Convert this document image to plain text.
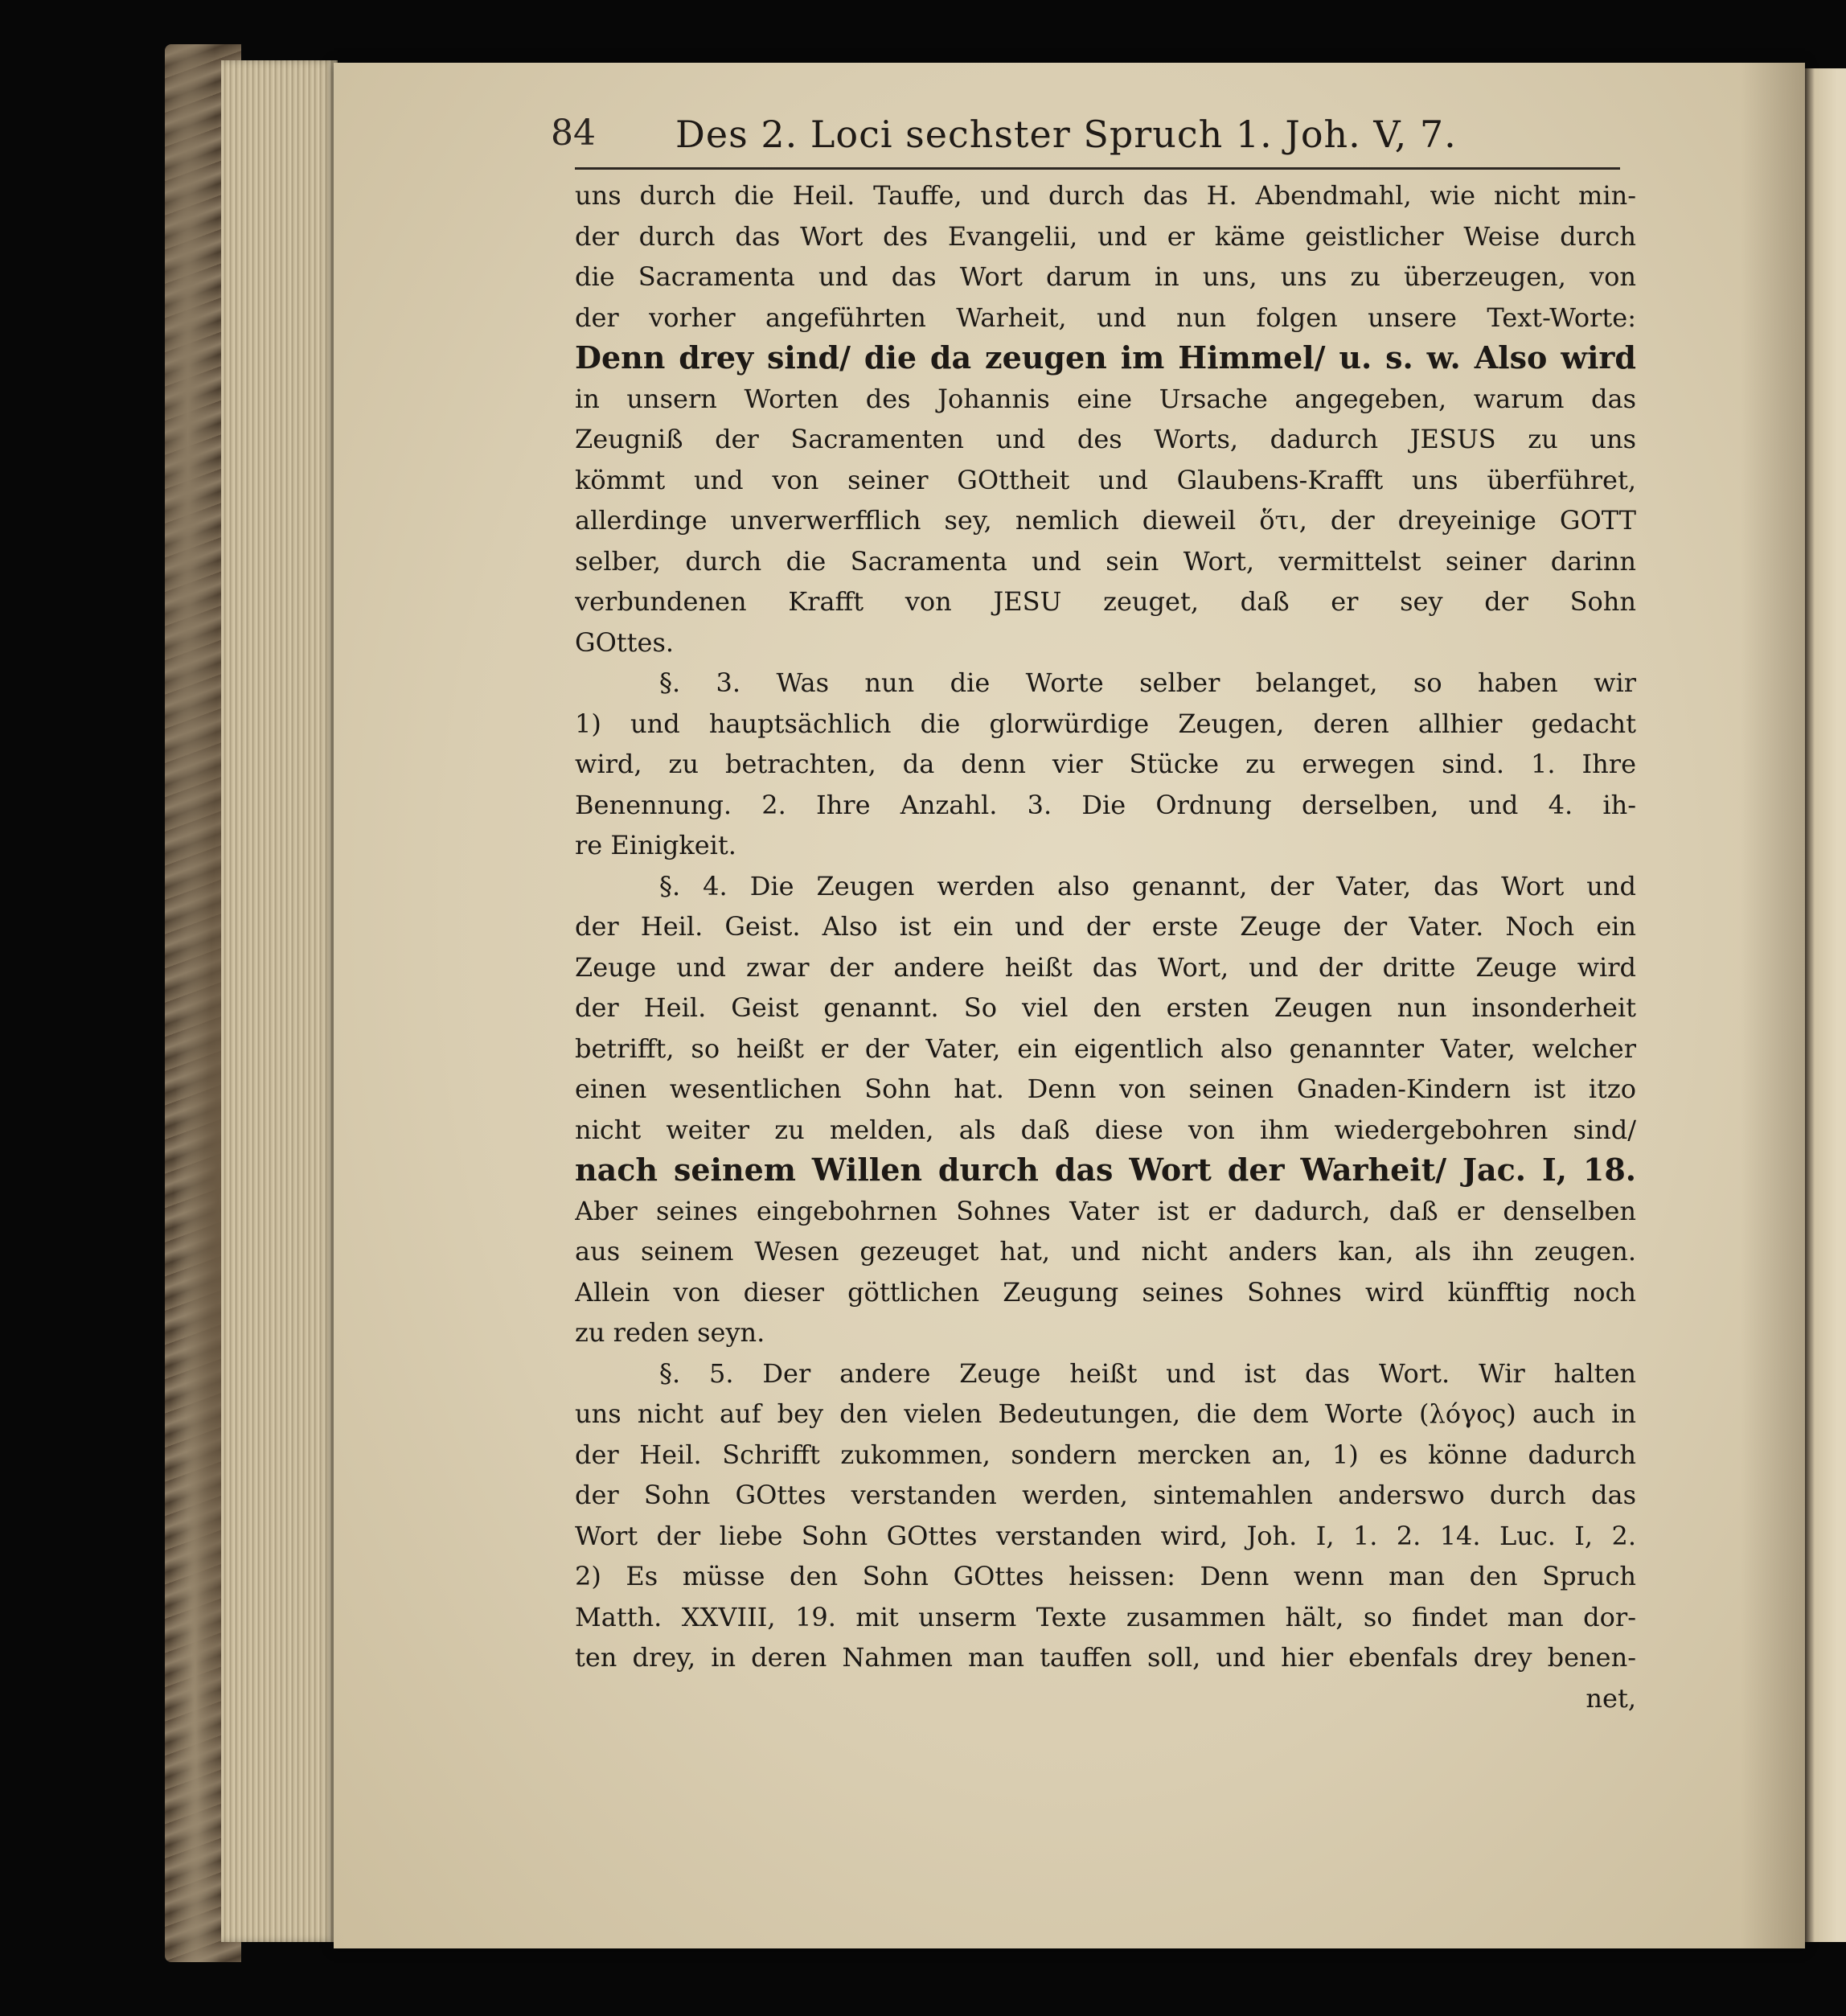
84 Des 2. Loci sechster Spruch 1. Joh. V, 7.
uns durch die Heil. Tauffe, und durch das H. Abendmahl, wie nicht min-
der durch das Wort des Evangelii, und er käme geistlicher Weise durch
die Sacramenta und das Wort darum in uns, uns zu überzeugen, von
der vorher angeführten Warheit, und nun folgen unsere Text-Worte:
Denn drey sind/ die da zeugen im Himmel/ u. s. w. Also wird
in unsern Worten des Johannis eine Ursache angegeben, warum das
Zeugniß der Sacramenten und des Worts, dadurch JESUS zu uns
kömmt und von seiner GOttheit und Glaubens-Krafft uns überführet,
allerdinge unverwerfflich sey, nemlich dieweil ὅτι, der dreyeinige GOTT
selber, durch die Sacramenta und sein Wort, vermittelst seiner darinn
verbundenen Krafft von JESU zeuget, daß er sey der Sohn
GOttes.
§. 3. Was nun die Worte selber belanget, so haben wir
1) und hauptsächlich die glorwürdige Zeugen, deren allhier gedacht
wird, zu betrachten, da denn vier Stücke zu erwegen sind. 1. Ihre
Benennung. 2. Ihre Anzahl. 3. Die Ordnung derselben, und 4. ih-
re Einigkeit.
§. 4. Die Zeugen werden also genannt, der Vater, das Wort und
der Heil. Geist. Also ist ein und der erste Zeuge der Vater. Noch ein
Zeuge und zwar der andere heißt das Wort, und der dritte Zeuge wird
der Heil. Geist genannt. So viel den ersten Zeugen nun insonderheit
betrifft, so heißt er der Vater, ein eigentlich also genannter Vater, welcher
einen wesentlichen Sohn hat. Denn von seinen Gnaden-Kindern ist itzo
nicht weiter zu melden, als daß diese von ihm wiedergebohren sind/
nach seinem Willen durch das Wort der Warheit/ Jac. I, 18.
Aber seines eingebohrnen Sohnes Vater ist er dadurch, daß er denselben
aus seinem Wesen gezeuget hat, und nicht anders kan, als ihn zeugen.
Allein von dieser göttlichen Zeugung seines Sohnes wird künfftig noch
zu reden seyn.
§. 5. Der andere Zeuge heißt und ist das Wort. Wir halten
uns nicht auf bey den vielen Bedeutungen, die dem Worte (λόγος) auch in
der Heil. Schrifft zukommen, sondern mercken an, 1) es könne dadurch
der Sohn GOttes verstanden werden, sintemahlen anderswo durch das
Wort der liebe Sohn GOttes verstanden wird, Joh. I, 1. 2. 14. Luc. I, 2.
2) Es müsse den Sohn GOttes heissen: Denn wenn man den Spruch
Matth. XXVIII, 19. mit unserm Texte zusammen hält, so findet man dor-
ten drey, in deren Nahmen man tauffen soll, und hier ebenfals drey benen-
net,
